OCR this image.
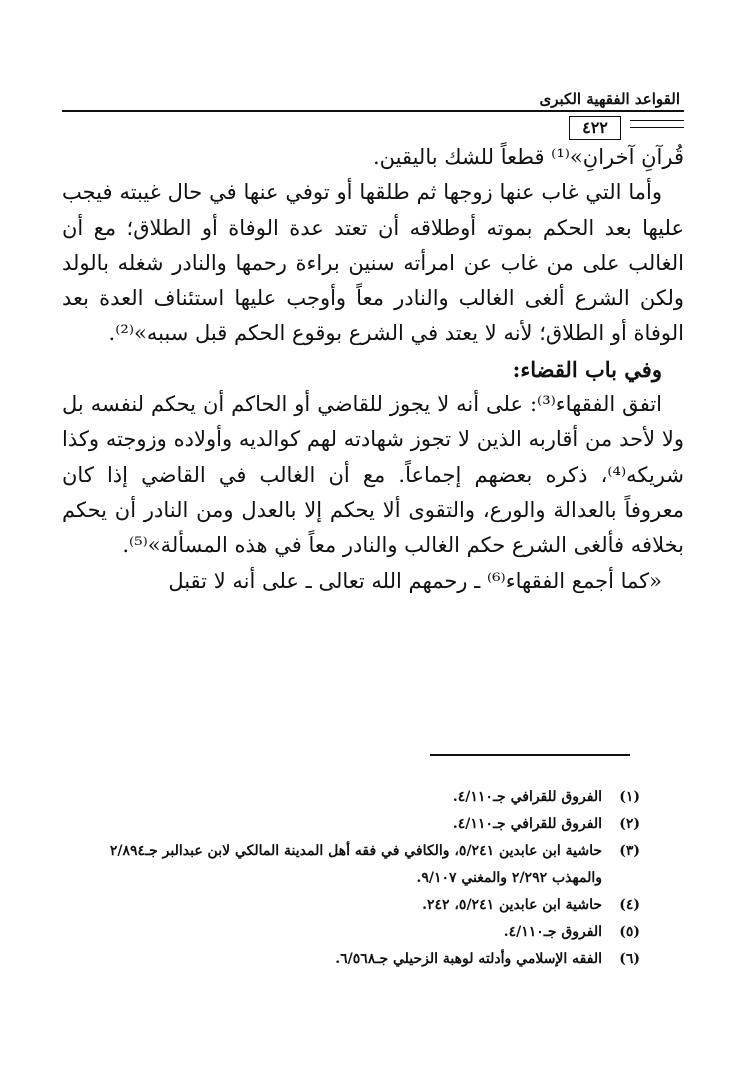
القواعد الفقهية الكبرى
٤٢٢

قُرآنِ آخرانِ»⁽¹⁾ قطعاً للشك باليقين.

وأما التي غاب عنها زوجها ثم طلقها أو توفي عنها في حال غيبته فيجب عليها بعد الحكم بموته أوطلاقه أن تعتد عدة الوفاة أو الطلاق؛ مع أن الغالب على من غاب عن امرأته سنين براءة رحمها والنادر شغله بالولد ولكن الشرع ألغى الغالب والنادر معاً وأوجب عليها استئناف العدة بعد الوفاة أو الطلاق؛ لأنه لا يعتد في الشرع بوقوع الحكم قبل سببه»⁽²⁾.

وفي باب القضاء:

اتفق الفقهاء⁽³⁾: على أنه لا يجوز للقاضي أو الحاكم أن يحكم لنفسه بل ولا لأحد من أقاربه الذين لا تجوز شهادته لهم كوالديه وأولاده وزوجته وكذا شريكه⁽⁴⁾، ذكره بعضهم إجماعاً. مع أن الغالب في القاضي إذا كان معروفاً بالعدالة والورع، والتقوى ألا يحكم إلا بالعدل ومن النادر أن يحكم بخلافه فألغى الشرع حكم الغالب والنادر معاً في هذه المسألة»⁽⁵⁾.

«كما أجمع الفقهاء⁽⁶⁾ ـ رحمهم الله تعالى ـ على أنه لا تقبل

(١)
الفروق للقرافي جـ٤/١١٠.
(٢)
الفروق للقرافي جـ٤/١١٠.
(٣)
حاشية ابن عابدين ٥/٢٤١، والكافي في فقه أهل المدينة المالكي لابن عبدالبر جـ٢/٨٩٤ والمهذب ٢/٢٩٢ والمغني ٩/١٠٧.
(٤)
حاشية ابن عابدين ٥/٢٤١، ٢٤٢.
(٥)
الفروق جـ٤/١١٠.
(٦)
الفقه الإسلامي وأدلته لوهبة الزحيلي جـ٦/٥٦٨.
